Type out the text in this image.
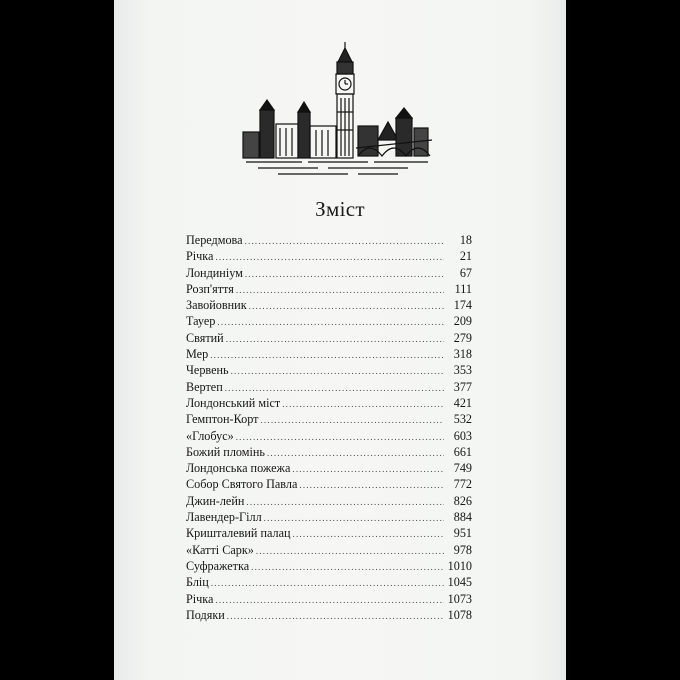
Зміст
Передмова .....	18
Річка .....	21
Лондиніум .....	67
Розп'яття .....	111
Завойовник .....	174
Тауер .....	209
Святий .....	279
Мер .....	318
Червень .....	353
Вертеп .....	377
Лондонський міст .....	421
Гемптон-Корт .....	532
«Глобус» .....	603
Божий пломінь .....	661
Лондонська пожежа .....	749
Собор Святого Павла .....	772
Джин-лейн .....	826
Лавендер-Гілл .....	884
Кришталевий палац .....	951
«Катті Сарк» .....	978
Суфражетка .....	1010
Бліц .....	1045
Річка .....	1073
Подяки .....	1078
